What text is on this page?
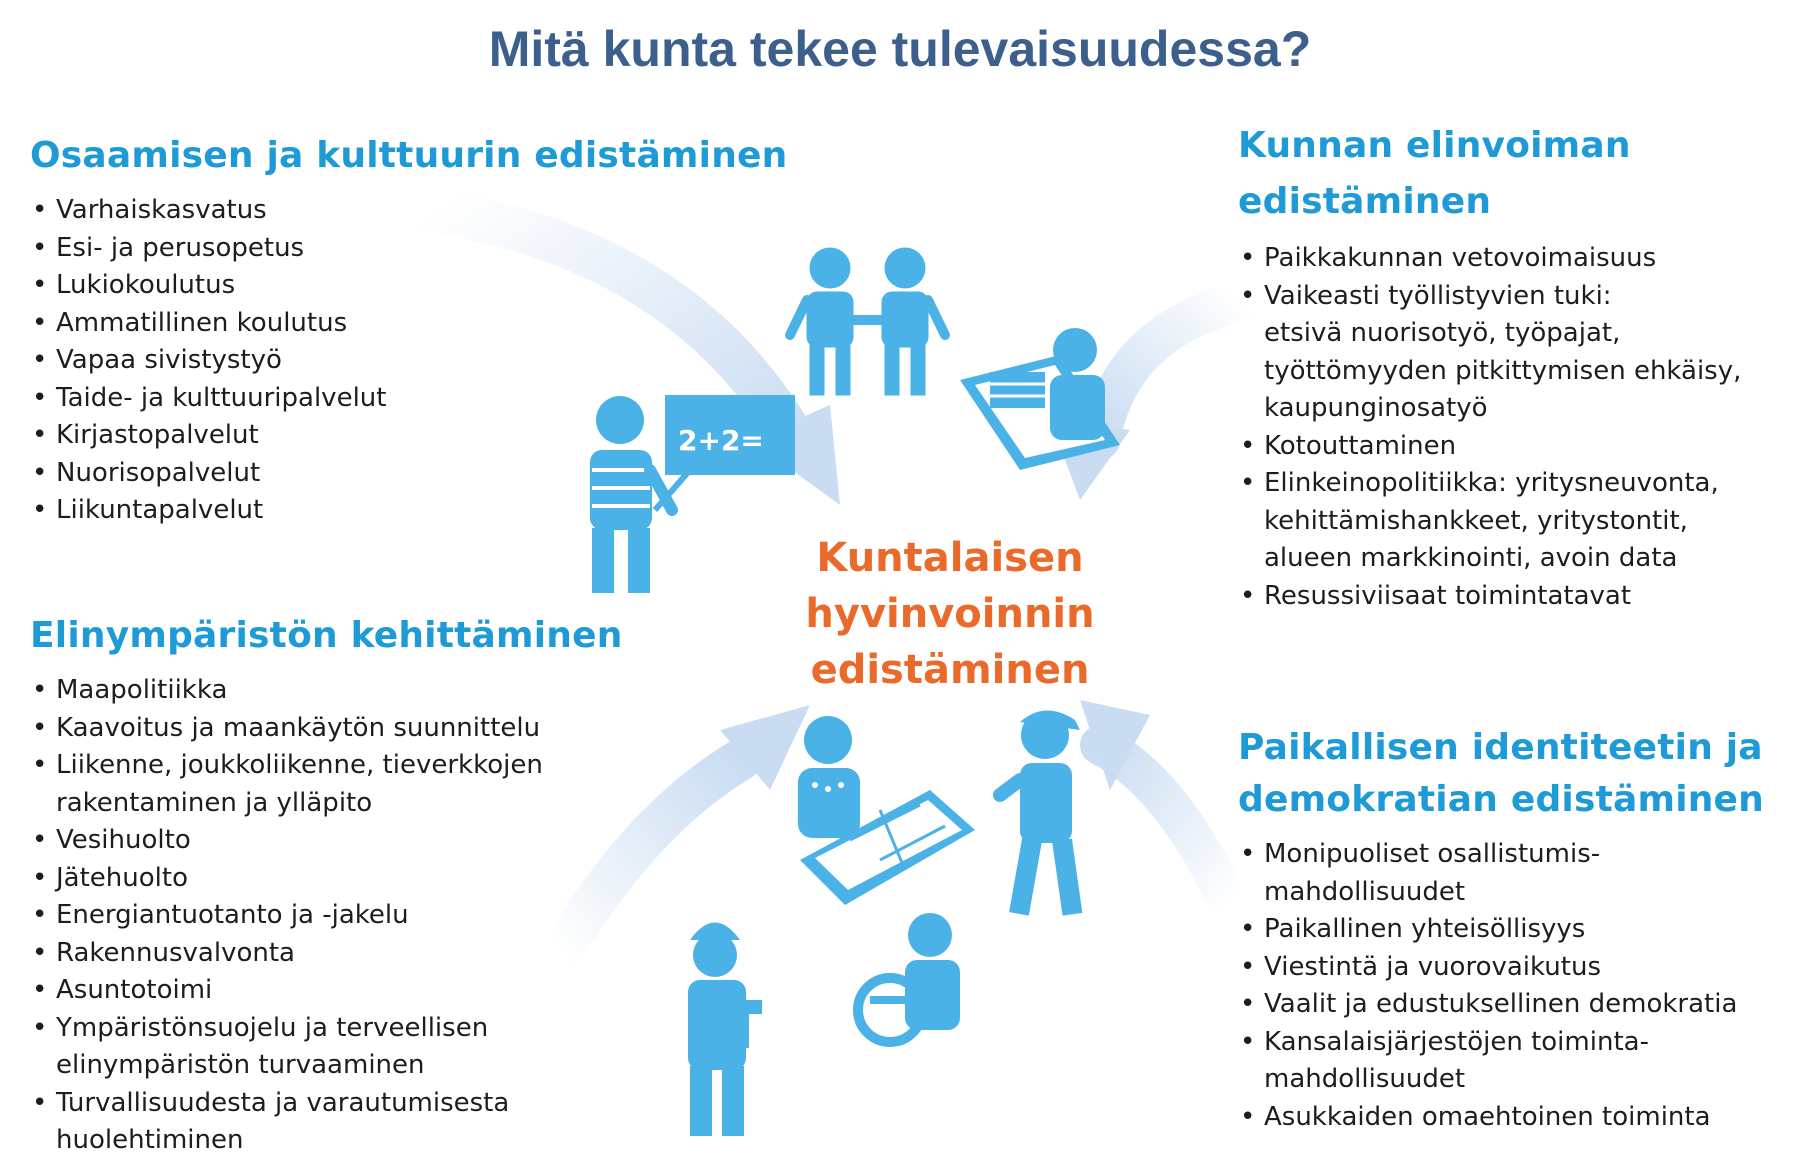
2+2=
Mitä kunta tekee tulevaisuudessa?
Osaamisen ja kulttuurin edistäminen
• Varhaiskasvatus
• Esi- ja perusopetus
• Lukiokoulutus
• Ammatillinen koulutus
• Vapaa sivistystyö
• Taide- ja kulttuuripalvelut
• Kirjastopalvelut
• Nuorisopalvelut
• Liikuntapalvelut
Kunnan elinvoiman
edistäminen
• Paikkakunnan vetovoimaisuus
• Vaikeasti työllistyvien tuki:
etsivä nuorisotyö, työpajat,
työttömyyden pitkittymisen ehkäisy,
kaupunginosatyö
• Kotouttaminen
• Elinkeinopolitiikka: yritysneuvonta,
kehittämishankkeet, yritystontit,
alueen markkinointi, avoin data
• Resussiviisaat toimintatavat
Elinympäristön kehittäminen
• Maapolitiikka
• Kaavoitus ja maankäytön suunnittelu
• Liikenne, joukkoliikenne, tieverkkojen
rakentaminen ja ylläpito
• Vesihuolto
• Jätehuolto
• Energiantuotanto ja -jakelu
• Rakennusvalvonta
• Asuntotoimi
• Ympäristönsuojelu ja terveellisen
elinympäristön turvaaminen
• Turvallisuudesta ja varautumisesta
huolehtiminen
Paikallisen identiteetin ja
demokratian edistäminen
• Monipuoliset osallistumis-
mahdollisuudet
• Paikallinen yhteisöllisyys
• Viestintä ja vuorovaikutus
• Vaalit ja edustuksellinen demokratia
• Kansalaisjärjestöjen toiminta-
mahdollisuudet
• Asukkaiden omaehtoinen toiminta
Kuntalaisen
hyvinvoinnin
edistäminen
